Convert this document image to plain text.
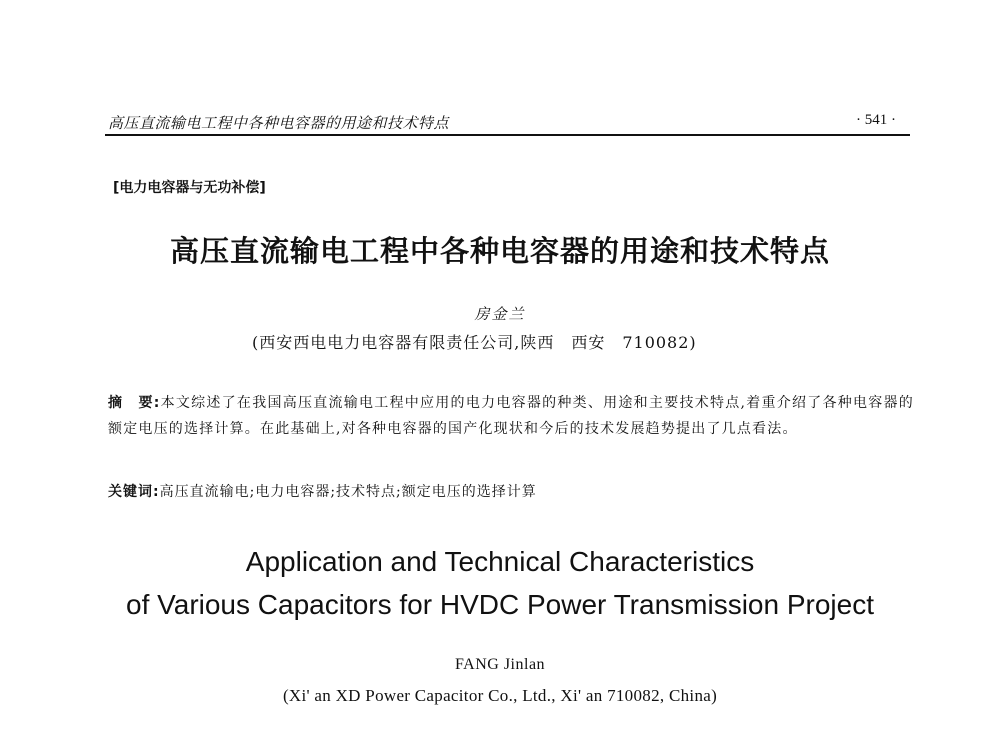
高压直流输电工程中各种电容器的用途和技术特点	· 541 ·
[电力电容器与无功补偿]
高压直流输电工程中各种电容器的用途和技术特点
房金兰
(西安西电电力电容器有限责任公司,陕西　西安　710082)
摘　要:本文综述了在我国高压直流输电工程中应用的电力电容器的种类、用途和主要技术特点,着重介绍了各种电容器的额定电压的选择计算。在此基础上,对各种电容器的国产化现状和今后的技术发展趋势提出了几点看法。
关键词:高压直流输电;电力电容器;技术特点;额定电压的选择计算
Application and Technical Characteristics
of Various Capacitors for HVDC Power Transmission Project
FANG Jinlan
(Xi' an XD Power Capacitor Co., Ltd., Xi' an 710082, China)
